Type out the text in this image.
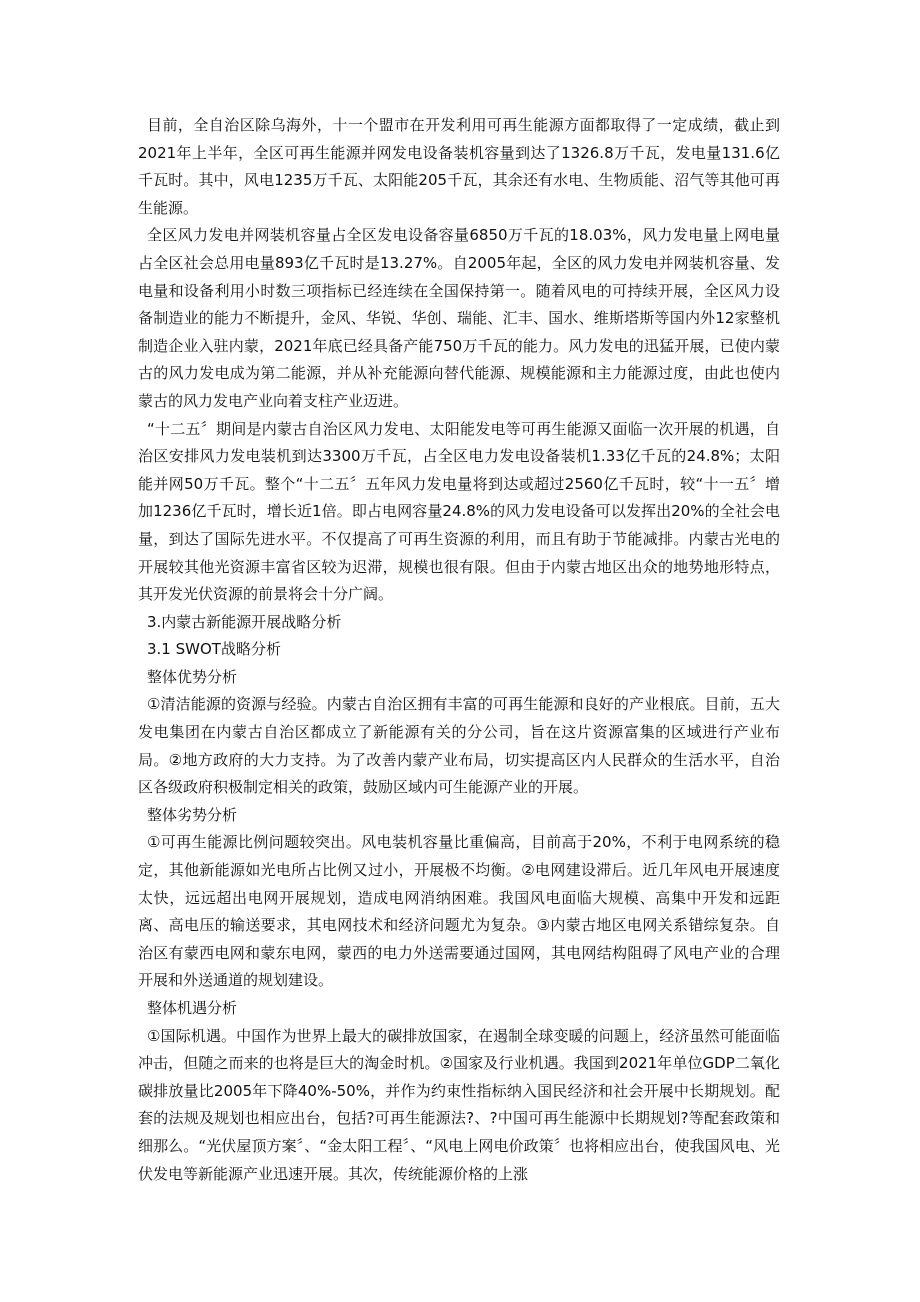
目前，全自治区除乌海外，十一个盟市在开发利用可再生能源方面都取得了一定成绩，截止到2021年上半年，全区可再生能源并网发电设备装机容量到达了1326.8万千瓦，发电量131.6亿千瓦时。其中，风电1235万千瓦、太阳能205千瓦，其余还有水电、生物质能、沼气等其他可再生能源。

全区风力发电并网装机容量占全区发电设备容量6850万千瓦的18.03%，风力发电量上网电量占全区社会总用电量893亿千瓦时是13.27%。自2005年起，全区的风力发电并网装机容量、发电量和设备利用小时数三项指标已经连续在全国保持第一。随着风电的可持续开展，全区风力设备制造业的能力不断提升，金风、华锐、华创、瑞能、汇丰、国水、维斯塔斯等国内外12家整机制造企业入驻内蒙，2021年底已经具备产能750万千瓦的能力。风力发电的迅猛开展，已使内蒙古的风力发电成为第二能源，并从补充能源向替代能源、规模能源和主力能源过度，由此也使内蒙古的风力发电产业向着支柱产业迈进。

“十二五〞期间是内蒙古自治区风力发电、太阳能发电等可再生能源又面临一次开展的机遇，自治区安排风力发电装机到达3300万千瓦，占全区电力发电设备装机1.33亿千瓦的24.8%；太阳能并网50万千瓦。整个“十二五〞五年风力发电量将到达或超过2560亿千瓦时，较“十一五〞增加1236亿千瓦时，增长近1倍。即占电网容量24.8%的风力发电设备可以发挥出20%的全社会电量，到达了国际先进水平。不仅提高了可再生资源的利用，而且有助于节能减排。内蒙古光电的开展较其他光资源丰富省区较为迟滞，规模也很有限。但由于内蒙古地区出众的地势地形特点，其开发光伏资源的前景将会十分广阔。

3.内蒙古新能源开展战略分析

3.1 SWOT战略分析

整体优势分析

①清洁能源的资源与经验。内蒙古自治区拥有丰富的可再生能源和良好的产业根底。目前，五大发电集团在内蒙古自治区都成立了新能源有关的分公司，旨在这片资源富集的区域进行产业布局。②地方政府的大力支持。为了改善内蒙产业布局，切实提高区内人民群众的生活水平，自治区各级政府积极制定相关的政策，鼓励区域内可生能源产业的开展。

整体劣势分析

①可再生能源比例问题较突出。风电装机容量比重偏高，目前高于20%，不利于电网系统的稳定，其他新能源如光电所占比例又过小，开展极不均衡。②电网建设滞后。近几年风电开展速度太快，远远超出电网开展规划，造成电网消纳困难。我国风电面临大规模、高集中开发和远距离、高电压的输送要求，其电网技术和经济问题尤为复杂。③内蒙古地区电网关系错综复杂。自治区有蒙西电网和蒙东电网，蒙西的电力外送需要通过国网，其电网结构阻碍了风电产业的合理开展和外送通道的规划建设。

整体机遇分析

①国际机遇。中国作为世界上最大的碳排放国家，在遏制全球变暖的问题上，经济虽然可能面临冲击，但随之而来的也将是巨大的淘金时机。②国家及行业机遇。我国到2021年单位GDP二氧化碳排放量比2005年下降40%-50%，并作为约束性指标纳入国民经济和社会开展中长期规划。配套的法规及规划也相应出台，包括?可再生能源法?、?中国可再生能源中长期规划?等配套政策和细那么。“光伏屋顶方案〞、“金太阳工程〞、“风电上网电价政策〞也将相应出台，使我国风电、光伏发电等新能源产业迅速开展。其次，传统能源价格的上涨
